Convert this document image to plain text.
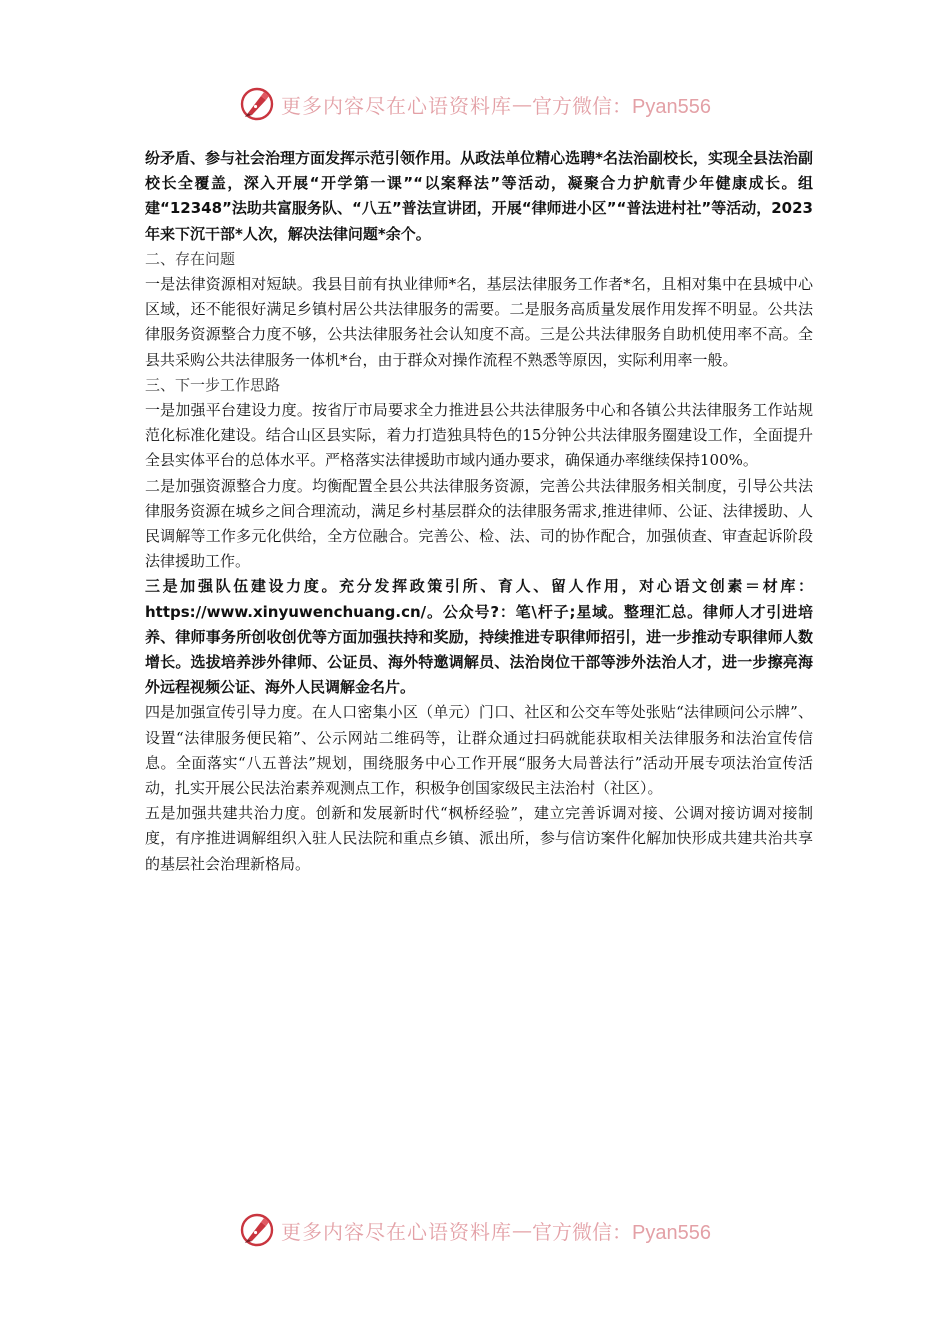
更多内容尽在心语资料库 — 官方微信：Pyan556

纷矛盾、参与社会治理方面发挥示范引领作用。从政法单位精心选聘*名法治副校长，实现全县法治副校长全覆盖，深入开展“开学第一课”“以案释法”等活动，凝聚合力护航青少年健康成长。组建“12348”法助共富服务队、“八五”普法宣讲团，开展“律师进小区”“普法进村社”等活动，2023年来下沉干部*人次，解决法律问题*余个。

二、存在问题

一是法律资源相对短缺。我县目前有执业律师*名，基层法律服务工作者*名，且相对集中在县城中心区域，还不能很好满足乡镇村居公共法律服务的需要。二是服务高质量发展作用发挥不明显。公共法律服务资源整合力度不够，公共法律服务社会认知度不高。三是公共法律服务自助机使用率不高。全县共采购公共法律服务一体机*台，由于群众对操作流程不熟悉等原因，实际利用率一般。

三、下一步工作思路

一是加强平台建设力度。按省厅市局要求全力推进县公共法律服务中心和各镇公共法律服务工作站规范化标准化建设。结合山区县实际，着力打造独具特色的15分钟公共法律服务圈建设工作，全面提升全县实体平台的总体水平。严格落实法律援助市域内通办要求，确保通办率继续保持100%。

二是加强资源整合力度。均衡配置全县公共法律服务资源，完善公共法律服务相关制度，引导公共法律服务资源在城乡之间合理流动，满足乡村基层群众的法律服务需求,推进律师、公证、法律援助、人民调解等工作多元化供给，全方位融合。完善公、检、法、司的协作配合，加强侦查、审查起诉阶段法律援助工作。

三是加强队伍建设力度。充分发挥政策引所、育人、留人作用，对心语文创素＝材库：https://www.xinyuwenchuang.cn/。公众号?：笔\杆子;星域。整理汇总。律师人才引进培养、律师事务所创收创优等方面加强扶持和奖励，持续推进专职律师招引，进一步推动专职律师人数增长。选拔培养涉外律师、公证员、海外特邀调解员、法治岗位干部等涉外法治人才，进一步擦亮海外远程视频公证、海外人民调解金名片。

四是加强宣传引导力度。在人口密集小区（单元）门口、社区和公交车等处张贴“法律顾问公示牌”、设置“法律服务便民箱”、公示网站二维码等，让群众通过扫码就能获取相关法律服务和法治宣传信息。全面落实“八五普法”规划，围绕服务中心工作开展“服务大局普法行”活动开展专项法治宣传活动，扎实开展公民法治素养观测点工作，积极争创国家级民主法治村（社区）。

五是加强共建共治力度。创新和发展新时代“枫桥经验”，建立完善诉调对接、公调对接访调对接制度，有序推进调解组织入驻人民法院和重点乡镇、派出所，参与信访案件化解加快形成共建共治共享的基层社会治理新格局。

更多内容尽在心语资料库 — 官方微信：Pyan556
